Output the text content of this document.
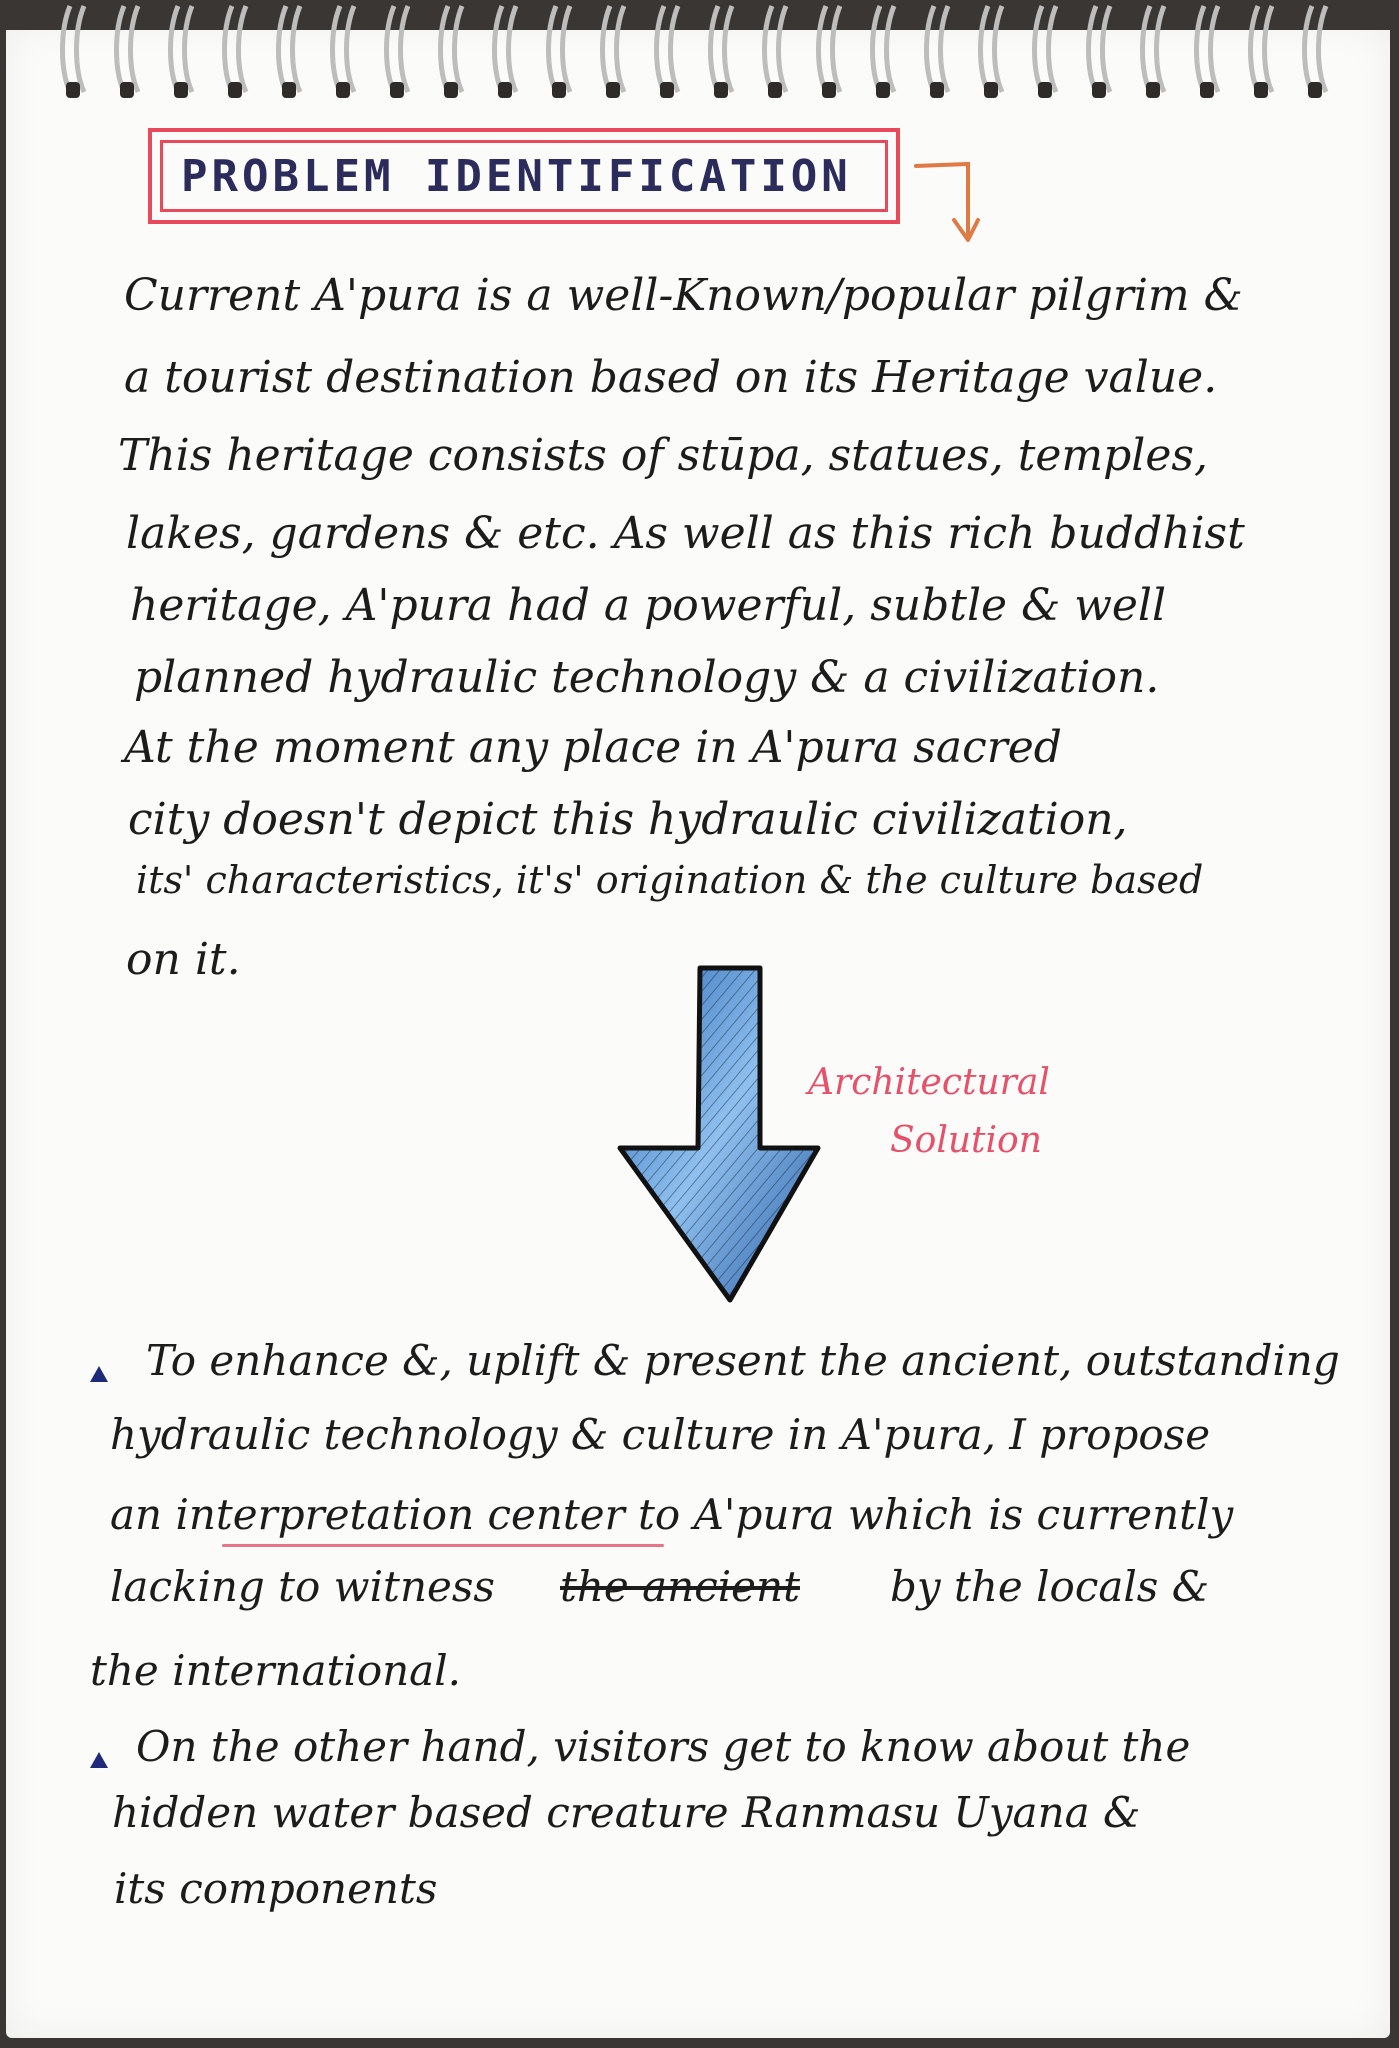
PROBLEM IDENTIFICATION
Current A'pura is a well-Known/popular pilgrim &
a tourist destination based on its Heritage value.
This heritage consists of stūpa, statues, temples,
lakes, gardens & etc. As well as this rich buddhist
heritage, A'pura had a powerful, subtle & well
planned hydraulic technology & a civilization.
At the moment any place in A'pura sacred
city doesn't depict this hydraulic civilization,
its' characteristics, it's' origination & the culture based
on it.
Architectural
Solution
To enhance &, uplift & present the ancient, outstanding
hydraulic technology & culture in A'pura, I propose
an interpretation center to A'pura which is currently
lacking to witness the ancient by the locals &
the international.
On the other hand, visitors get to know about the
hidden water based creature Ranmasu Uyana &
its components
